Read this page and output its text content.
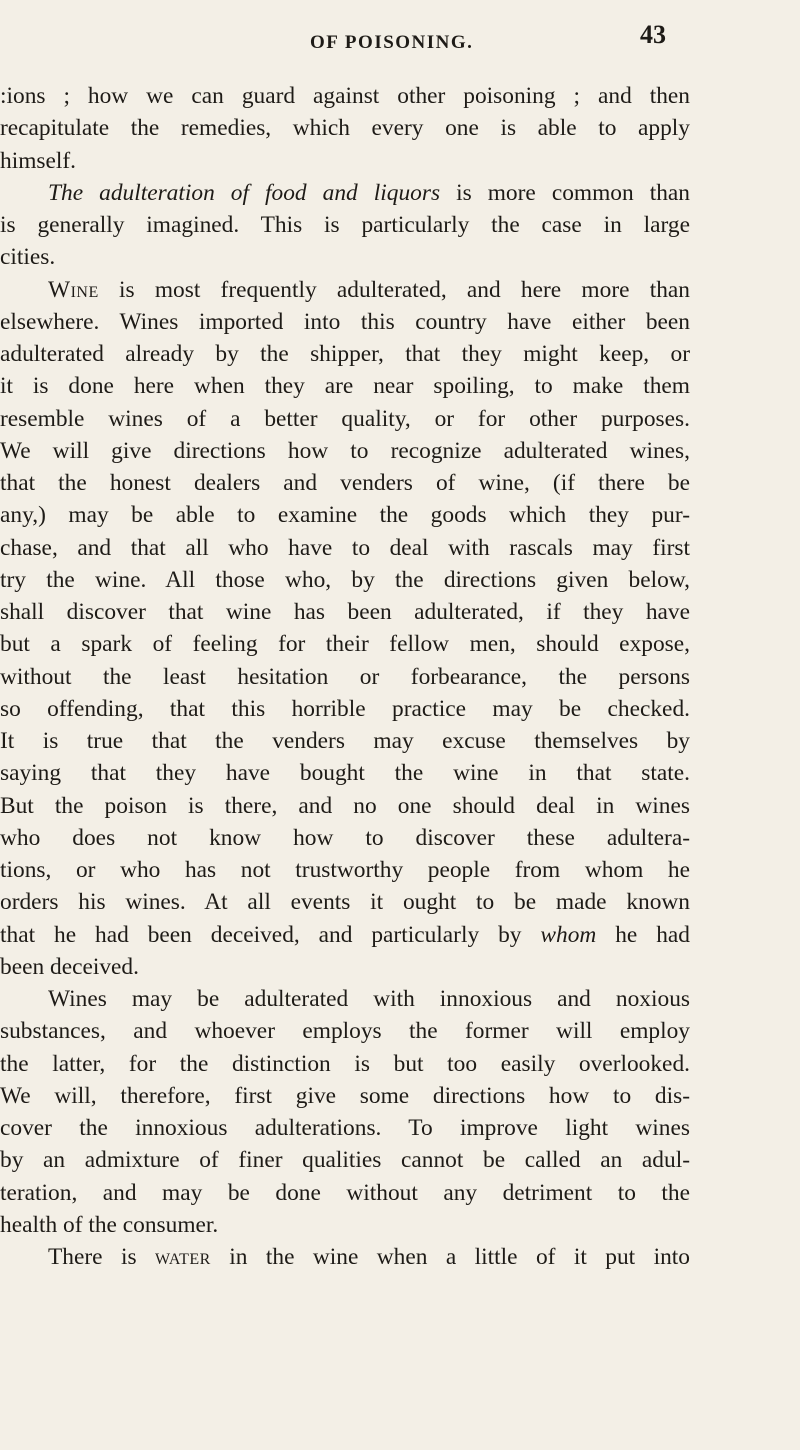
OF POISONING.	43
:ions ; how we can guard against other poisoning ; and then
recapitulate the remedies, which every one is able to apply
himself.
The adulteration of food and liquors is more common than
is generally imagined. This is particularly the case in large
cities.
Wine is most frequently adulterated, and here more than
elsewhere. Wines imported into this country have either been
adulterated already by the shipper, that they might keep, or
it is done here when they are near spoiling, to make them
resemble wines of a better quality, or for other purposes.
We will give directions how to recognize adulterated wines,
that the honest dealers and venders of wine, (if there be
any,) may be able to examine the goods which they pur-
chase, and that all who have to deal with rascals may first
try the wine. All those who, by the directions given below,
shall discover that wine has been adulterated, if they have
but a spark of feeling for their fellow men, should expose,
without the least hesitation or forbearance, the persons
so offending, that this horrible practice may be checked.
It is true that the venders may excuse themselves by
saying that they have bought the wine in that state.
But the poison is there, and no one should deal in wines
who does not know how to discover these adultera-
tions, or who has not trustworthy people from whom he
orders his wines. At all events it ought to be made known
that he had been deceived, and particularly by whom he had
been deceived.
Wines may be adulterated with innoxious and noxious
substances, and whoever employs the former will employ
the latter, for the distinction is but too easily overlooked.
We will, therefore, first give some directions how to dis-
cover the innoxious adulterations. To improve light wines
by an admixture of finer qualities cannot be called an adul-
teration, and may be done without any detriment to the
health of the consumer.
There is water in the wine when a little of it put into
